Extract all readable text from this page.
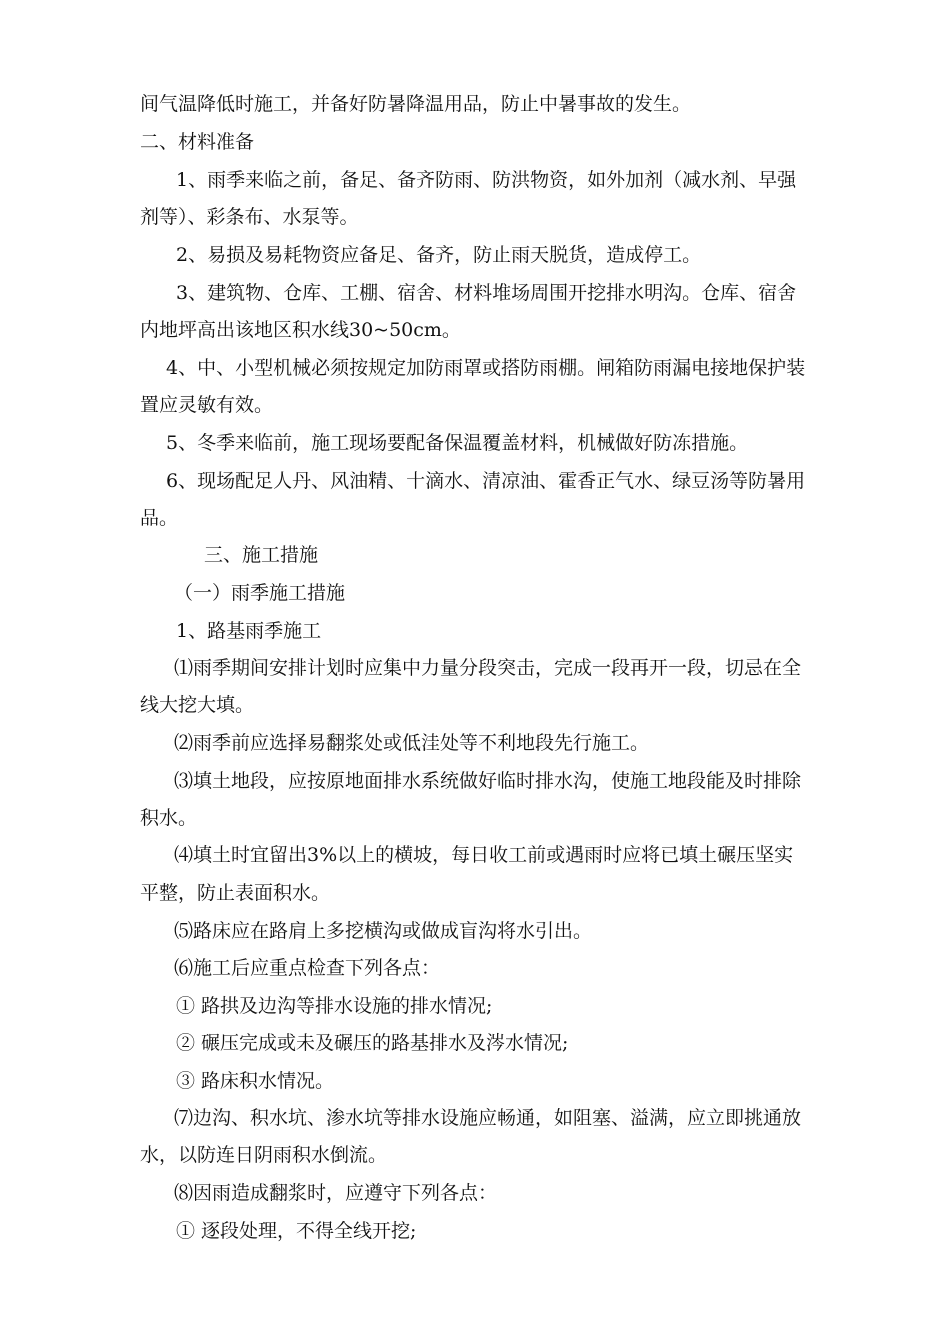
间气温降低时施工，并备好防暑降温用品，防止中暑事故的发生。
二、材料准备
1、雨季来临之前，备足、备齐防雨、防洪物资，如外加剂（减水剂、早强
剂等）、彩条布、水泵等。
2、易损及易耗物资应备足、备齐，防止雨天脱货，造成停工。
3、建筑物、仓库、工棚、宿舍、材料堆场周围开挖排水明沟。仓库、宿舍
内地坪高出该地区积水线30~50cm。
4、中、小型机械必须按规定加防雨罩或搭防雨棚。闸箱防雨漏电接地保护装
置应灵敏有效。
5、冬季来临前，施工现场要配备保温覆盖材料，机械做好防冻措施。
6、现场配足人丹、风油精、十滴水、清凉油、霍香正气水、绿豆汤等防暑用
品。
三、施工措施
（一）雨季施工措施
1、路基雨季施工
⑴雨季期间安排计划时应集中力量分段突击，完成一段再开一段，切忌在全
线大挖大填。
⑵雨季前应选择易翻浆处或低洼处等不利地段先行施工。
⑶填土地段，应按原地面排水系统做好临时排水沟，使施工地段能及时排除
积水。
⑷填土时宜留出3%以上的横坡，每日收工前或遇雨时应将已填土碾压坚实
平整，防止表面积水。
⑸路床应在路肩上多挖横沟或做成盲沟将水引出。
⑹施工后应重点检查下列各点：
① 路拱及边沟等排水设施的排水情况;
② 碾压完成或未及碾压的路基排水及涔水情况;
③ 路床积水情况。
⑺边沟、积水坑、渗水坑等排水设施应畅通，如阻塞、溢满，应立即挑通放
水，以防连日阴雨积水倒流。
⑻因雨造成翻浆时，应遵守下列各点：
① 逐段处理，不得全线开挖;
